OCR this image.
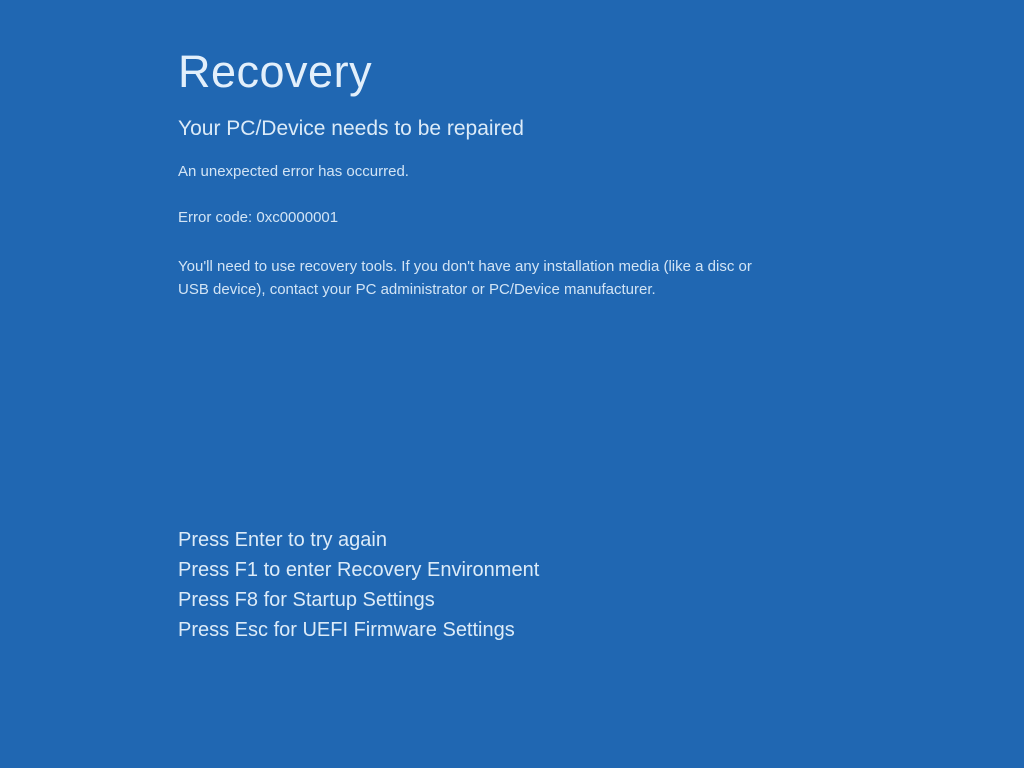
Recovery
Your PC/Device needs to be repaired

An unexpected error has occurred.

Error code: 0xc0000001

You'll need to use recovery tools. If you don't have any installation media (like a disc or USB device), contact your PC administrator or PC/Device manufacturer.

Press Enter to try again
Press F1 to enter Recovery Environment
Press F8 for Startup Settings
Press Esc for UEFI Firmware Settings
